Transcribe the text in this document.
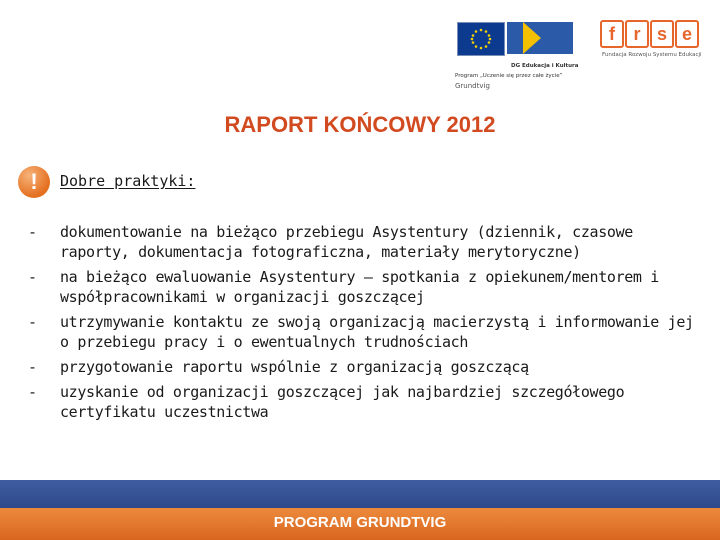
DG Edukacja i Kultura
Program „Uczenie się przez całe życie”
Grundtvig
f	r s e
Fundacja Rozwoju Systemu Edukacji
RAPORT KOŃCOWY 2012
!	Dobre praktyki:
-	dokumentowanie na bieżąco przebiegu Asystentury (dziennik, czasowe raporty, dokumentacja fotograficzna, materiały merytoryczne)
-	na bieżąco ewaluowanie Asystentury – spotkania z opiekunem/mentorem i współpracownikami w organizacji goszczącej
-	utrzymywanie kontaktu ze swoją organizacją macierzystą i informowanie jej o przebiegu pracy i o ewentualnych trudnościach
-	przygotowanie raportu wspólnie z organizacją goszczącą
-	uzyskanie od organizacji goszczącej jak najbardziej szczegółowego certyfikatu uczestnictwa
PROGRAM GRUNDTVIG
